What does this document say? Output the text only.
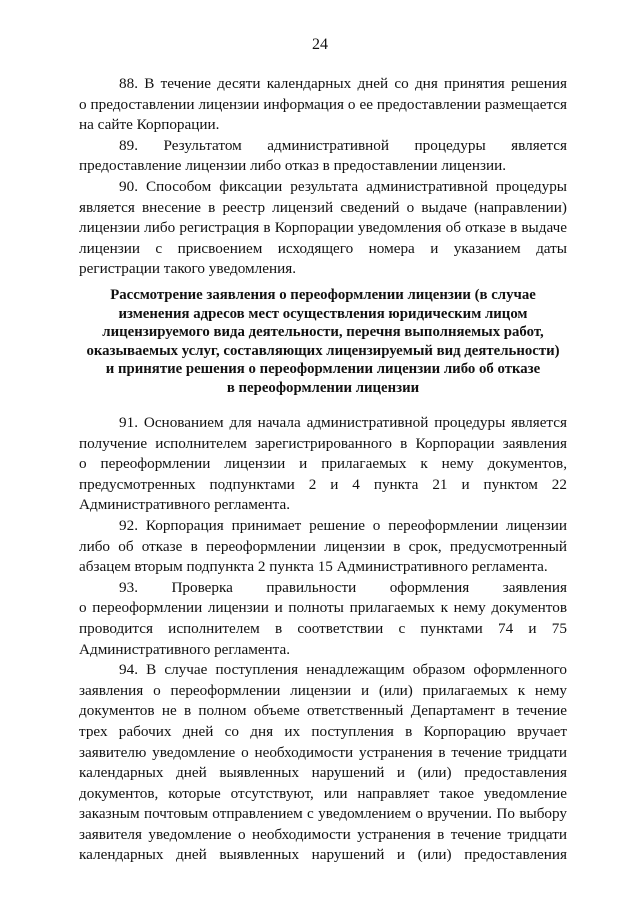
24
88. В течение десяти календарных дней со дня принятия решения
о предоставлении лицензии информация о ее предоставлении размещается
на сайте Корпорации.
89. Результатом административной процедуры является
предоставление лицензии либо отказ в предоставлении лицензии.
90. Способом фиксации результата административной процедуры
является внесение в реестр лицензий сведений о выдаче (направлении)
лицензии либо регистрация в Корпорации уведомления об отказе в выдаче
лицензии с присвоением исходящего номера и указанием даты
регистрации такого уведомления.
Рассмотрение заявления о переоформлении лицензии (в случае
изменения адресов мест осуществления юридическим лицом
лицензируемого вида деятельности, перечня выполняемых работ,
оказываемых услуг, составляющих лицензируемый вид деятельности)
и принятие решения о переоформлении лицензии либо об отказе
в переоформлении лицензии
91. Основанием для начала административной процедуры является
получение исполнителем зарегистрированного в Корпорации заявления
о переоформлении лицензии и прилагаемых к нему документов,
предусмотренных подпунктами 2 и 4 пункта 21 и пунктом 22
Административного регламента.
92. Корпорация принимает решение о переоформлении лицензии
либо об отказе в переоформлении лицензии в срок, предусмотренный
абзацем вторым подпункта 2 пункта 15 Административного регламента.
93. Проверка правильности оформления заявления
о переоформлении лицензии и полноты прилагаемых к нему документов
проводится исполнителем в соответствии с пунктами 74 и 75
Административного регламента.
94. В случае поступления ненадлежащим образом оформленного
заявления о переоформлении лицензии и (или) прилагаемых к нему
документов не в полном объеме ответственный Департамент в течение
трех рабочих дней со дня их поступления в Корпорацию вручает
заявителю уведомление о необходимости устранения в течение тридцати
календарных дней выявленных нарушений и (или) предоставления
документов, которые отсутствуют, или направляет такое уведомление
заказным почтовым отправлением с уведомлением о вручении. По выбору
заявителя уведомление о необходимости устранения в течение тридцати
календарных дней выявленных нарушений и (или) предоставления
